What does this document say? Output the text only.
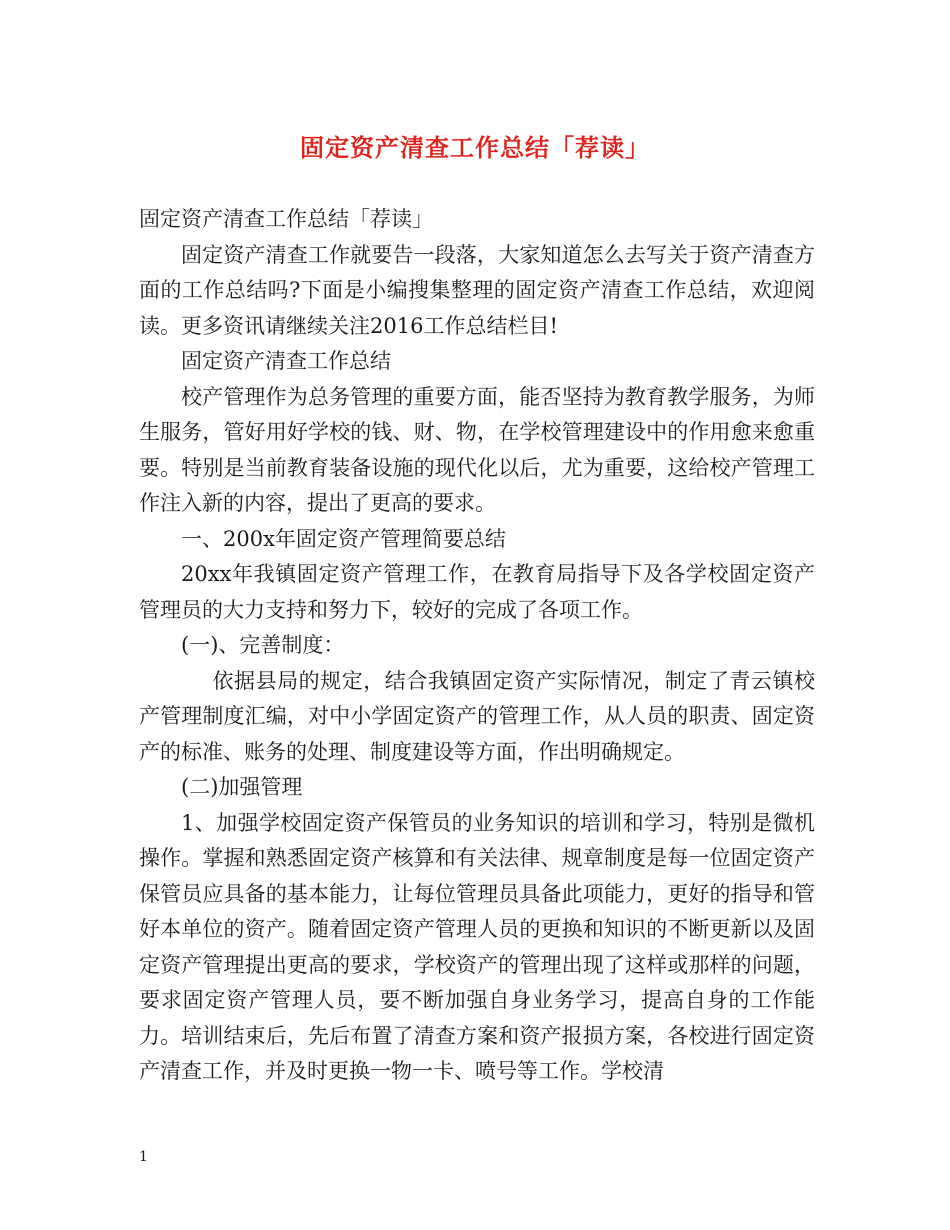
固定资产清查工作总结「荐读」

固定资产清查工作总结「荐读」

固定资产清查工作就要告一段落，大家知道怎么去写关于资产清查方面的工作总结吗?下面是小编搜集整理的固定资产清查工作总结，欢迎阅读。更多资讯请继续关注2016工作总结栏目!

固定资产清查工作总结

校产管理作为总务管理的重要方面，能否坚持为教育教学服务，为师生服务，管好用好学校的钱、财、物，在学校管理建设中的作用愈来愈重要。特别是当前教育装备设施的现代化以后，尤为重要，这给校产管理工作注入新的内容，提出了更高的要求。

一、200x年固定资产管理简要总结

20xx年我镇固定资产管理工作，在教育局指导下及各学校固定资产管理员的大力支持和努力下，较好的完成了各项工作。

(一)、完善制度：

依据县局的规定，结合我镇固定资产实际情况，制定了青云镇校产管理制度汇编，对中小学固定资产的管理工作，从人员的职责、固定资产的标准、账务的处理、制度建设等方面，作出明确规定。

(二)加强管理

1、加强学校固定资产保管员的业务知识的培训和学习，特别是微机操作。掌握和熟悉固定资产核算和有关法律、规章制度是每一位固定资产保管员应具备的基本能力，让每位管理员具备此项能力，更好的指导和管好本单位的资产。随着固定资产管理人员的更换和知识的不断更新以及固定资产管理提出更高的要求，学校资产的管理出现了这样或那样的问题，要求固定资产管理人员，要不断加强自身业务学习，提高自身的工作能力。培训结束后，先后布置了清查方案和资产报损方案，各校进行固定资产清查工作，并及时更换一物一卡、喷号等工作。学校清

1
